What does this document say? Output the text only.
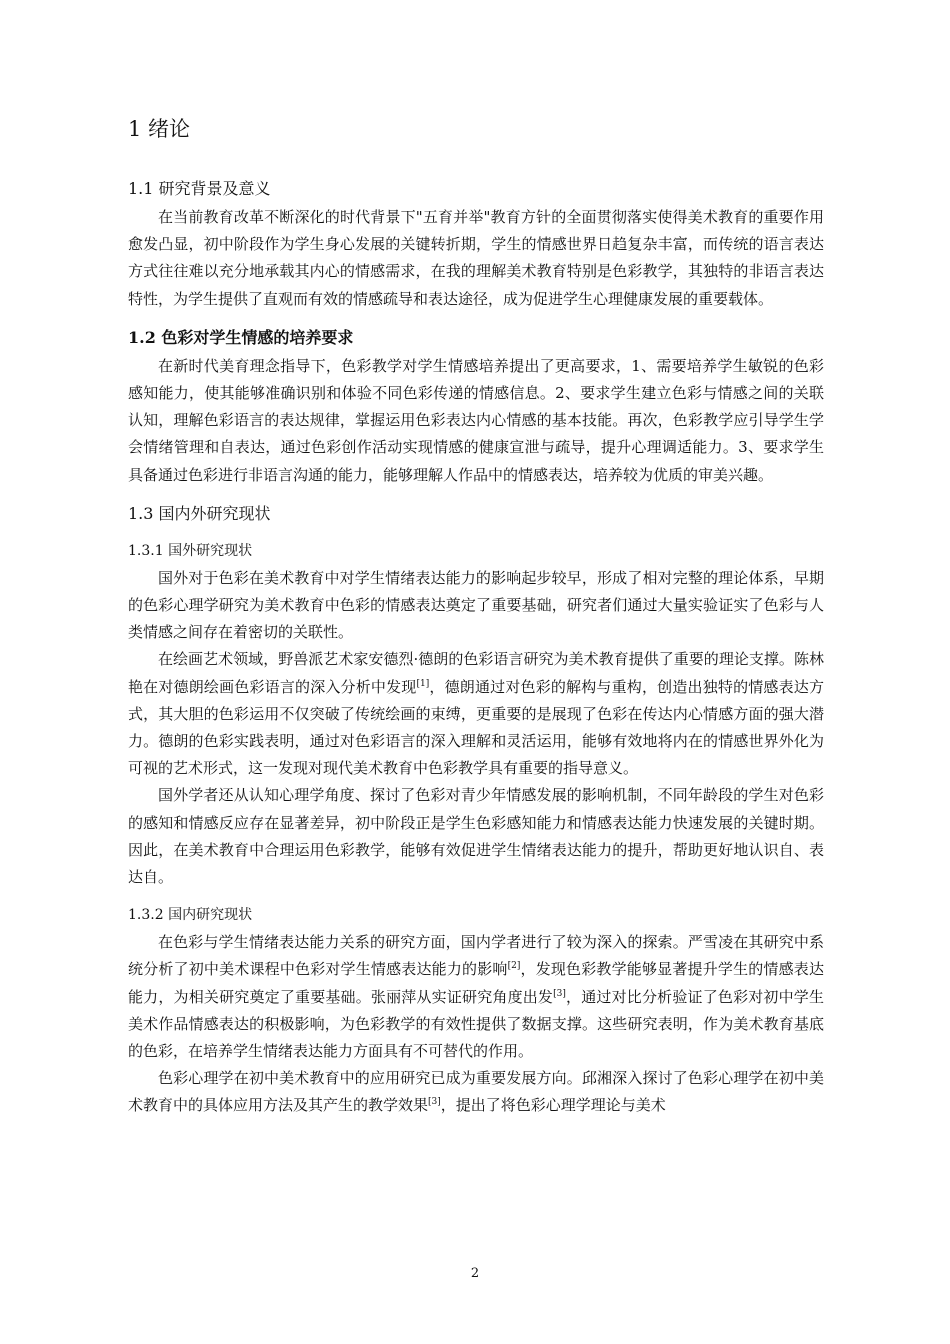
1 绪论
1.1 研究背景及意义

在当前教育改革不断深化的时代背景下"五育并举"教育方针的全面贯彻落实使得美术教育的重要作用愈发凸显，初中阶段作为学生身心发展的关键转折期，学生的情感世界日趋复杂丰富，而传统的语言表达方式往往难以充分地承载其内心的情感需求，在我的理解美术教育特别是色彩教学，其独特的非语言表达特性，为学生提供了直观而有效的情感疏导和表达途径，成为促进学生心理健康发展的重要载体。

1.2 色彩对学生情感的培养要求

在新时代美育理念指导下，色彩教学对学生情感培养提出了更高要求，1、需要培养学生敏锐的色彩感知能力，使其能够准确识别和体验不同色彩传递的情感信息。2、要求学生建立色彩与情感之间的关联认知，理解色彩语言的表达规律，掌握运用色彩表达内心情感的基本技能。再次，色彩教学应引导学生学会情绪管理和自表达，通过色彩创作活动实现情感的健康宣泄与疏导，提升心理调适能力。3、要求学生具备通过色彩进行非语言沟通的能力，能够理解人作品中的情感表达，培养较为优质的审美兴趣。

1.3 国内外研究现状
1.3.1 国外研究现状

国外对于色彩在美术教育中对学生情绪表达能力的影响起步较早，形成了相对完整的理论体系，早期的色彩心理学研究为美术教育中色彩的情感表达奠定了重要基础，研究者们通过大量实验证实了色彩与人类情感之间存在着密切的关联性。

在绘画艺术领域，野兽派艺术家安德烈·德朗的色彩语言研究为美术教育提供了重要的理论支撑。陈林艳在对德朗绘画色彩语言的深入分析中发现[1]，德朗通过对色彩的解构与重构，创造出独特的情感表达方式，其大胆的色彩运用不仅突破了传统绘画的束缚，更重要的是展现了色彩在传达内心情感方面的强大潜力。德朗的色彩实践表明，通过对色彩语言的深入理解和灵活运用，能够有效地将内在的情感世界外化为可视的艺术形式，这一发现对现代美术教育中色彩教学具有重要的指导意义。

国外学者还从认知心理学角度、探讨了色彩对青少年情感发展的影响机制，不同年龄段的学生对色彩的感知和情感反应存在显著差异，初中阶段正是学生色彩感知能力和情感表达能力快速发展的关键时期。因此，在美术教育中合理运用色彩教学，能够有效促进学生情绪表达能力的提升，帮助更好地认识自、表达自。

1.3.2 国内研究现状

在色彩与学生情绪表达能力关系的研究方面，国内学者进行了较为深入的探索。严雪凌在其研究中系统分析了初中美术课程中色彩对学生情感表达能力的影响[2]，发现色彩教学能够显著提升学生的情感表达能力，为相关研究奠定了重要基础。张丽萍从实证研究角度出发[3]，通过对比分析验证了色彩对初中学生美术作品情感表达的积极影响，为色彩教学的有效性提供了数据支撑。这些研究表明，作为美术教育基底的色彩，在培养学生情绪表达能力方面具有不可替代的作用。

色彩心理学在初中美术教育中的应用研究已成为重要发展方向。邱湘深入探讨了色彩心理学在初中美术教育中的具体应用方法及其产生的教学效果[3]，提出了将色彩心理学理论与美术

2
